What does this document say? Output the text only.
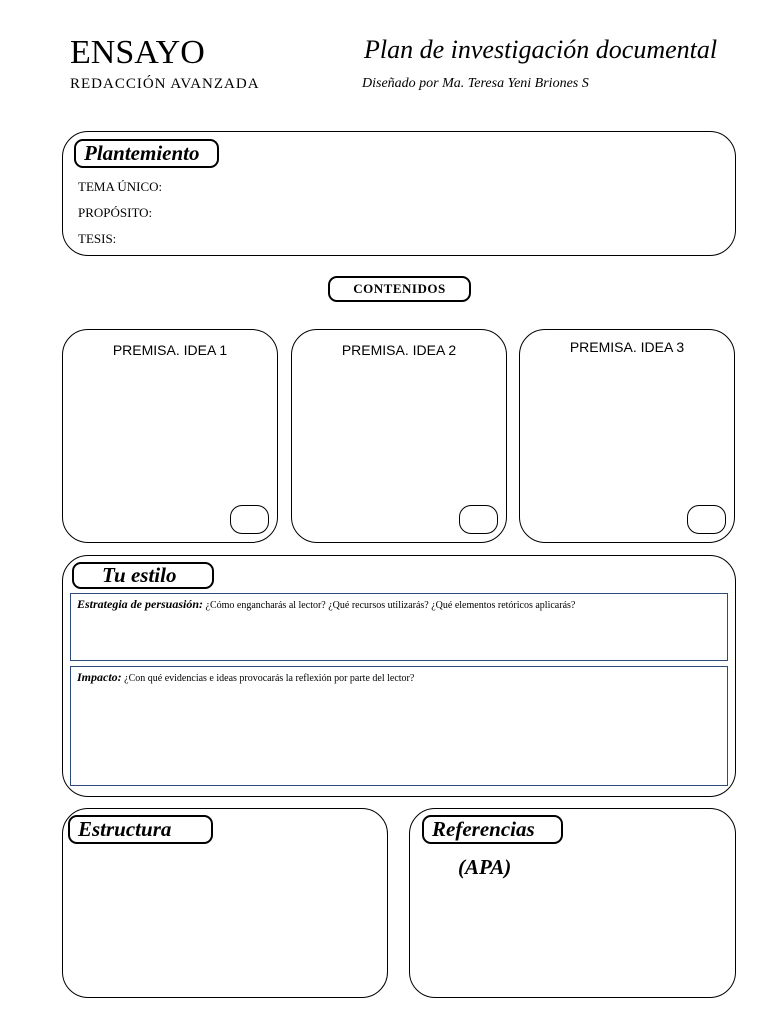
ENSAYO
REDACCIÓN AVANZADA
Plan de investigación documental
Diseñado por Ma. Teresa Yeni Briones S
Plantemiento
TEMA ÚNICO:
PROPÓSITO:
TESIS:
CONTENIDOS
PREMISA. IDEA 1	PREMISA. IDEA 2	PREMISA. IDEA 3
Tu estilo
Estrategia de persuasión: ¿Cómo engancharás al lector? ¿Qué recursos utilizarás? ¿Qué elementos retóricos aplicarás?
Impacto: ¿Con qué evidencias e ideas provocarás la reflexión por parte del lector?
Estructura	Referencias
(APA)
